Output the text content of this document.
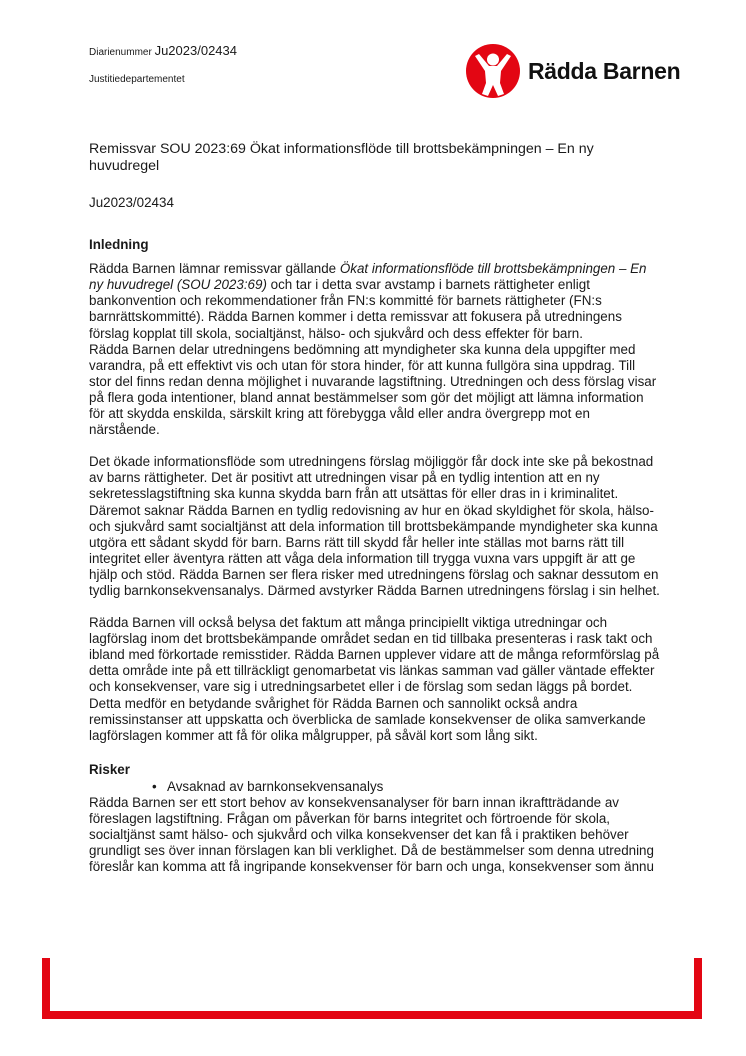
Diarienummer Ju2023/02434
Justitiedepartementet	Rädda Barnen
Remissvar SOU 2023:69 Ökat informationsflöde till brottsbekämpningen – En ny huvudregel
Ju2023/02434
Inledning

Rädda Barnen lämnar remissvar gällande Ökat informationsflöde till brottsbekämpningen – En ny huvudregel (SOU 2023:69) och tar i detta svar avstamp i barnets rättigheter enligt bankonvention och rekommendationer från FN:s kommitté för barnets rättigheter (FN:s barnrättskommitté). Rädda Barnen kommer i detta remissvar att fokusera på utredningens förslag kopplat till skola, socialtjänst, hälso- och sjukvård och dess effekter för barn.

Rädda Barnen delar utredningens bedömning att myndigheter ska kunna dela uppgifter med varandra, på ett effektivt vis och utan för stora hinder, för att kunna fullgöra sina uppdrag. Till stor del finns redan denna möjlighet i nuvarande lagstiftning. Utredningen och dess förslag visar på flera goda intentioner, bland annat bestämmelser som gör det möjligt att lämna information för att skydda enskilda, särskilt kring att förebygga våld eller andra övergrepp mot en närstående.

Det ökade informationsflöde som utredningens förslag möjliggör får dock inte ske på bekostnad av barns rättigheter. Det är positivt att utredningen visar på en tydlig intention att en ny sekretesslagstiftning ska kunna skydda barn från att utsättas för eller dras in i kriminalitet. Däremot saknar Rädda Barnen en tydlig redovisning av hur en ökad skyldighet för skola, hälso- och sjukvård samt socialtjänst att dela information till brottsbekämpande myndigheter ska kunna utgöra ett sådant skydd för barn. Barns rätt till skydd får heller inte ställas mot barns rätt till integritet eller äventyra rätten att våga dela information till trygga vuxna vars uppgift är att ge hjälp och stöd. Rädda Barnen ser flera risker med utredningens förslag och saknar dessutom en tydlig barnkonsekvensanalys. Därmed avstyrker Rädda Barnen utredningens förslag i sin helhet.

Rädda Barnen vill också belysa det faktum att många principiellt viktiga utredningar och lagförslag inom det brottsbekämpande området sedan en tid tillbaka presenteras i rask takt och ibland med förkortade remisstider. Rädda Barnen upplever vidare att de många reformförslag på detta område inte på ett tillräckligt genomarbetat vis länkas samman vad gäller väntade effekter och konsekvenser, vare sig i utredningsarbetet eller i de förslag som sedan läggs på bordet. Detta medför en betydande svårighet för Rädda Barnen och sannolikt också andra remissinstanser att uppskatta och överblicka de samlade konsekvenser de olika samverkande lagförslagen kommer att få för olika målgrupper, på såväl kort som lång sikt.

Risker
• Avsaknad av barnkonsekvensanalys

Rädda Barnen ser ett stort behov av konsekvensanalyser för barn innan ikraftträdande av föreslagen lagstiftning. Frågan om påverkan för barns integritet och förtroende för skola, socialtjänst samt hälso- och sjukvård och vilka konsekvenser det kan få i praktiken behöver grundligt ses över innan förslagen kan bli verklighet. Då de bestämmelser som denna utredning föreslår kan komma att få ingripande konsekvenser för barn och unga, konsekvenser som ännu
